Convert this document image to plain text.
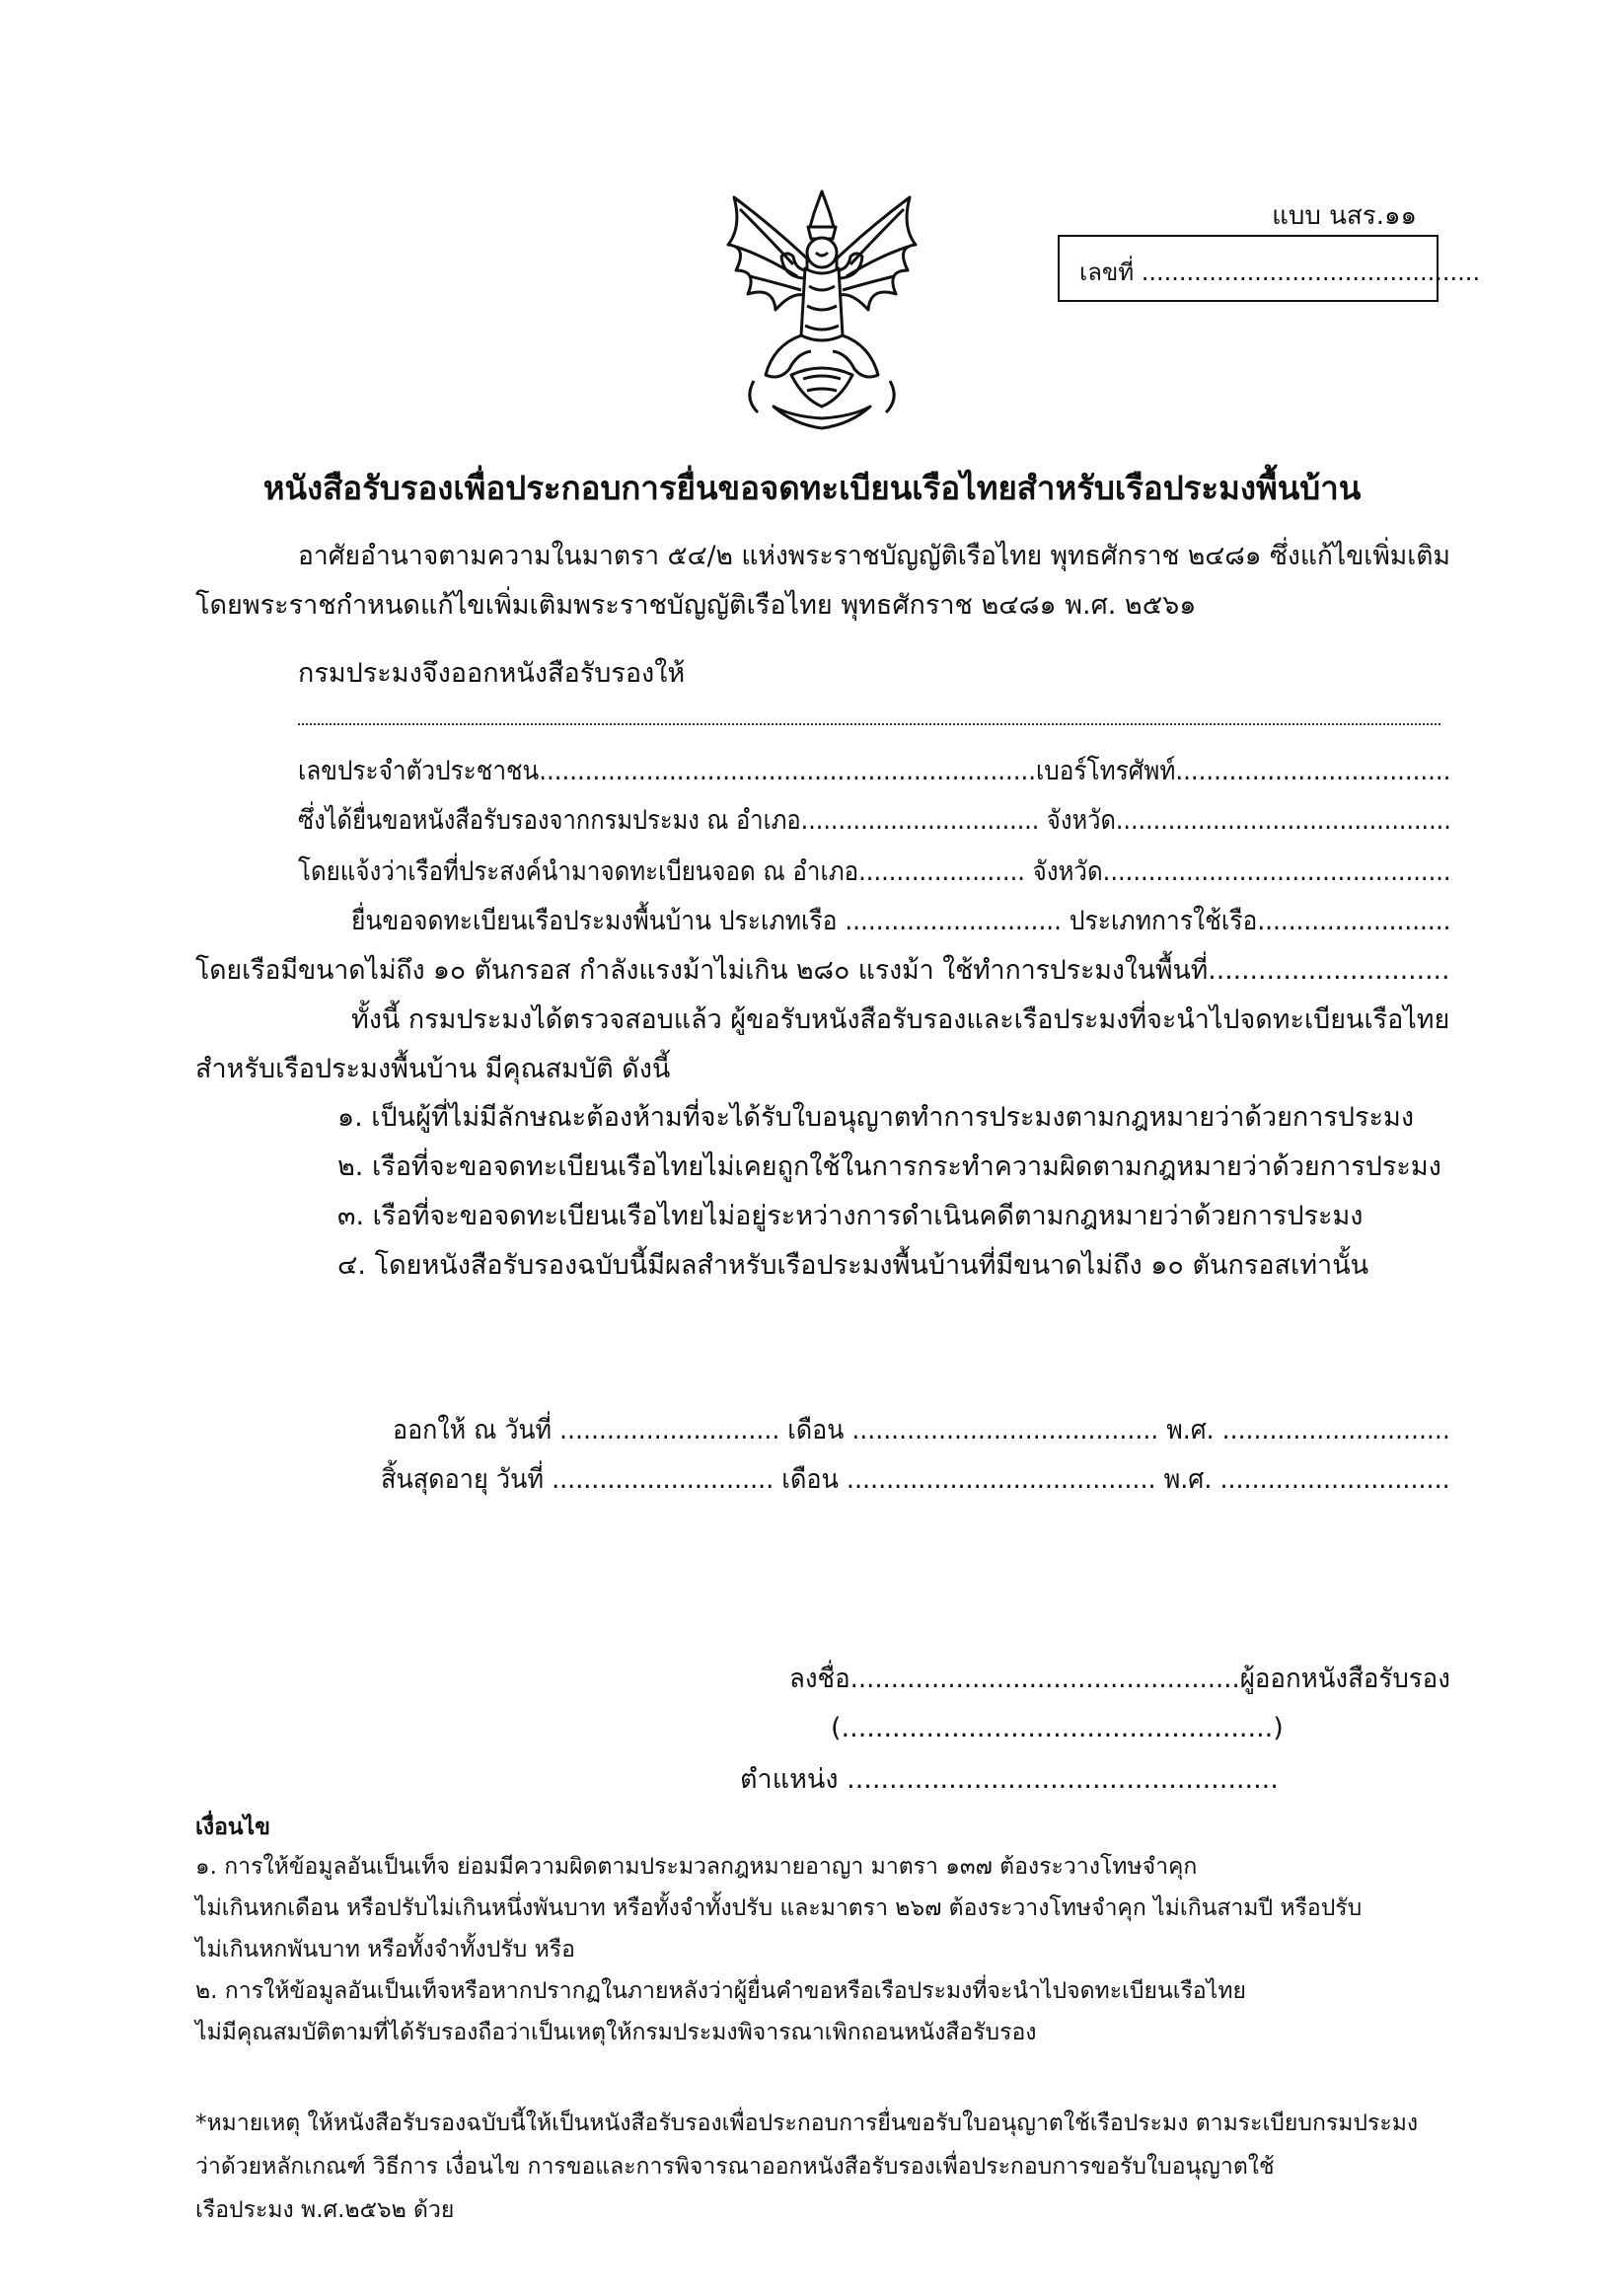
แบบ นสร.๑๑
เลขที่ .............................................
หนังสือรับรองเพื่อประกอบการยื่นขอจดทะเบียนเรือไทยสำหรับเรือประมงพื้นบ้าน
อาศัยอำนาจตามความในมาตรา ๕๔/๒ แห่งพระราชบัญญัติเรือไทย พุทธศักราช ๒๔๘๑ ซึ่งแก้ไขเพิ่มเติม
โดยพระราชกำหนดแก้ไขเพิ่มเติมพระราชบัญญัติเรือไทย พุทธศักราช ๒๔๘๑ พ.ศ. ๒๕๖๑
กรมประมงจึงออกหนังสือรับรองให้
เลขประจำตัวประชาชน.................................................................เบอร์โทรศัพท์....................................
ซึ่งได้ยื่นขอหนังสือรับรองจากกรมประมง ณ อำเภอ................................ จังหวัด.............................................
โดยแจ้งว่าเรือที่ประสงค์นำมาจดทะเบียนจอด ณ อำเภอ...................... จังหวัด..............................................
ยื่นขอจดทะเบียนเรือประมงพื้นบ้าน ประเภทเรือ ............................ ประเภทการใช้เรือ.........................
โดยเรือมีขนาดไม่ถึง ๑๐ ตันกรอส กำลังแรงม้าไม่เกิน ๒๘๐ แรงม้า ใช้ทำการประมงในพื้นที่.............................
ทั้งนี้ กรมประมงได้ตรวจสอบแล้ว ผู้ขอรับหนังสือรับรองและเรือประมงที่จะนำไปจดทะเบียนเรือไทย
สำหรับเรือประมงพื้นบ้าน มีคุณสมบัติ ดังนี้
๑. เป็นผู้ที่ไม่มีลักษณะต้องห้ามที่จะได้รับใบอนุญาตทำการประมงตามกฎหมายว่าด้วยการประมง
๒. เรือที่จะขอจดทะเบียนเรือไทยไม่เคยถูกใช้ในการกระทำความผิดตามกฎหมายว่าด้วยการประมง
๓. เรือที่จะขอจดทะเบียนเรือไทยไม่อยู่ระหว่างการดำเนินคดีตามกฎหมายว่าด้วยการประมง
๔. โดยหนังสือรับรองฉบับนี้มีผลสำหรับเรือประมงพื้นบ้านที่มีขนาดไม่ถึง ๑๐ ตันกรอสเท่านั้น
ออกให้ ณ วันที่ ............................ เดือน ....................................... พ.ศ. .............................
สิ้นสุดอายุ วันที่ ............................ เดือน ....................................... พ.ศ. .............................
ลงชื่อ................................................ผู้ออกหนังสือรับรอง
(...................................................)
ตำแหน่ง ...................................................
เงื่อนไข
๑. การให้ข้อมูลอันเป็นเท็จ ย่อมมีความผิดตามประมวลกฎหมายอาญา มาตรา ๑๓๗ ต้องระวางโทษจำคุก
ไม่เกินหกเดือน หรือปรับไม่เกินหนึ่งพันบาท หรือทั้งจำทั้งปรับ และมาตรา ๒๖๗ ต้องระวางโทษจำคุก ไม่เกินสามปี หรือปรับ
ไม่เกินหกพันบาท หรือทั้งจำทั้งปรับ หรือ
๒. การให้ข้อมูลอันเป็นเท็จหรือหากปรากฏในภายหลังว่าผู้ยื่นคำขอหรือเรือประมงที่จะนำไปจดทะเบียนเรือไทย
ไม่มีคุณสมบัติตามที่ได้รับรองถือว่าเป็นเหตุให้กรมประมงพิจารณาเพิกถอนหนังสือรับรอง
*หมายเหตุ ให้หนังสือรับรองฉบับนี้ให้เป็นหนังสือรับรองเพื่อประกอบการยื่นขอรับใบอนุญาตใช้เรือประมง ตามระเบียบกรมประมง
ว่าด้วยหลักเกณฑ์ วิธีการ เงื่อนไข การขอและการพิจารณาออกหนังสือรับรองเพื่อประกอบการขอรับใบอนุญาตใช้
เรือประมง พ.ศ.๒๕๖๒ ด้วย
